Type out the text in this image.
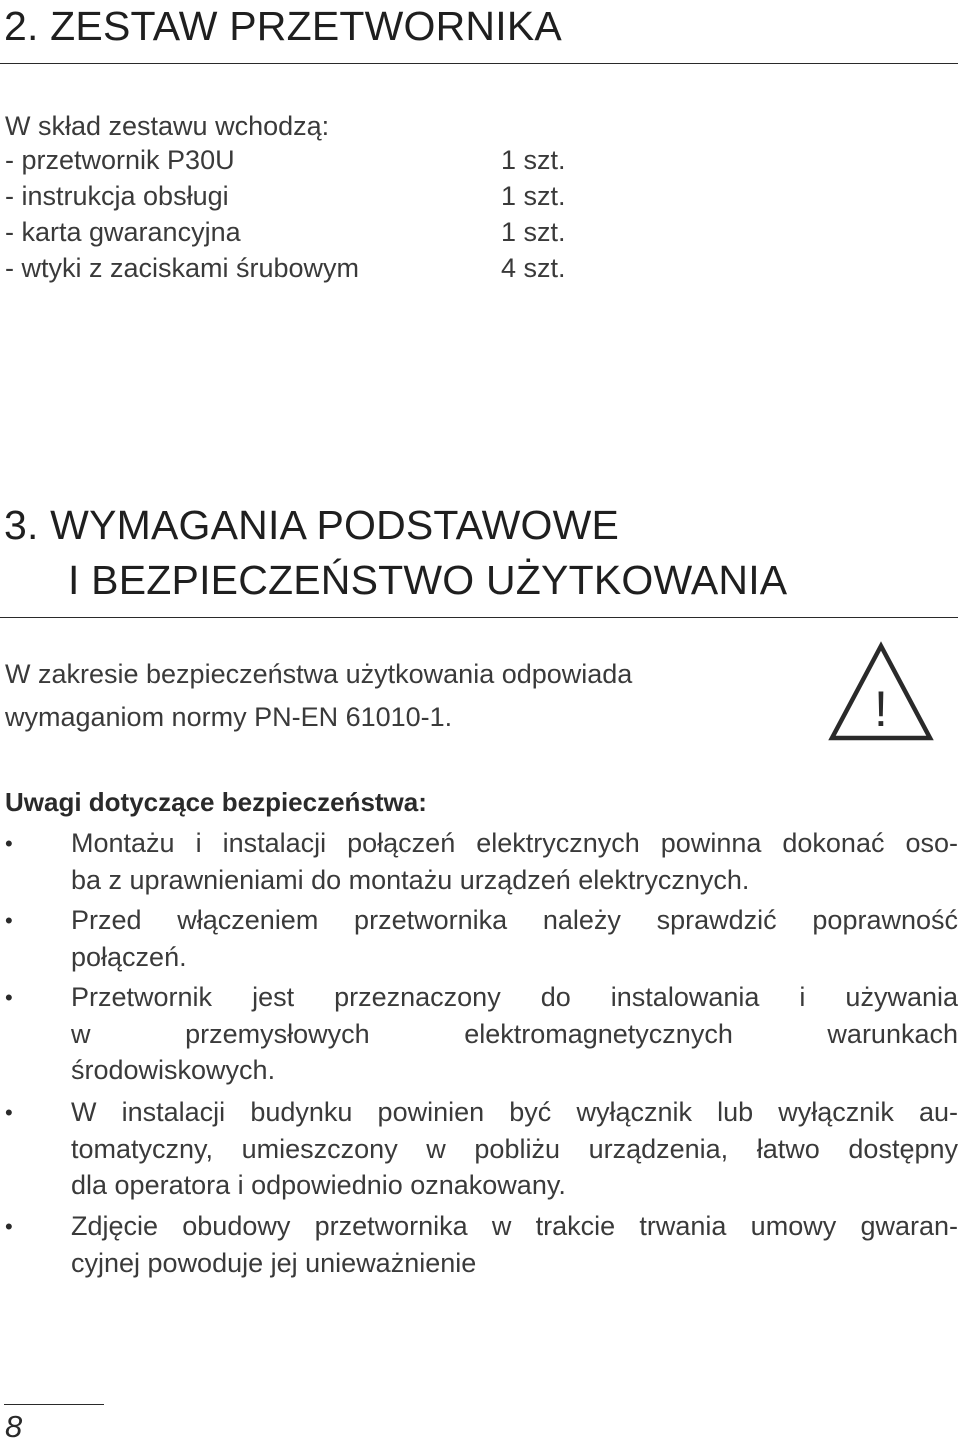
2. ZESTAW PRZETWORNIKA
W skład zestawu wchodzą:
- przetwornik P30U	1 szt.
- instrukcja obsługi	1 szt.
- karta gwarancyjna	1 szt.
- wtyki z zaciskami śrubowym	4 szt.
3. WYMAGANIA PODSTAWOWE
I BEZPIECZEŃSTWO UŻYTKOWANIA
W zakresie bezpieczeństwa użytkowania odpowiada
wymaganiom normy PN-EN 61010-1.	!
Uwagi dotyczące bezpieczeństwa:
• Montażu i instalacji połączeń elektrycznych powinna dokonać oso-
ba z uprawnieniami do montażu urządzeń elektrycznych.
• Przed włączeniem przetwornika należy sprawdzić poprawność
połączeń.
• Przetwornik jest przeznaczony do instalowania i używania
w przemysłowych elektromagnetycznych warunkach
środowiskowych.
• W instalacji budynku powinien być wyłącznik lub wyłącznik au-
tomatyczny, umieszczony w pobliżu urządzenia, łatwo dostępny
dla operatora i odpowiednio oznakowany.
• Zdjęcie obudowy przetwornika w trakcie trwania umowy gwaran-
cyjnej powoduje jej unieważnienie
8
